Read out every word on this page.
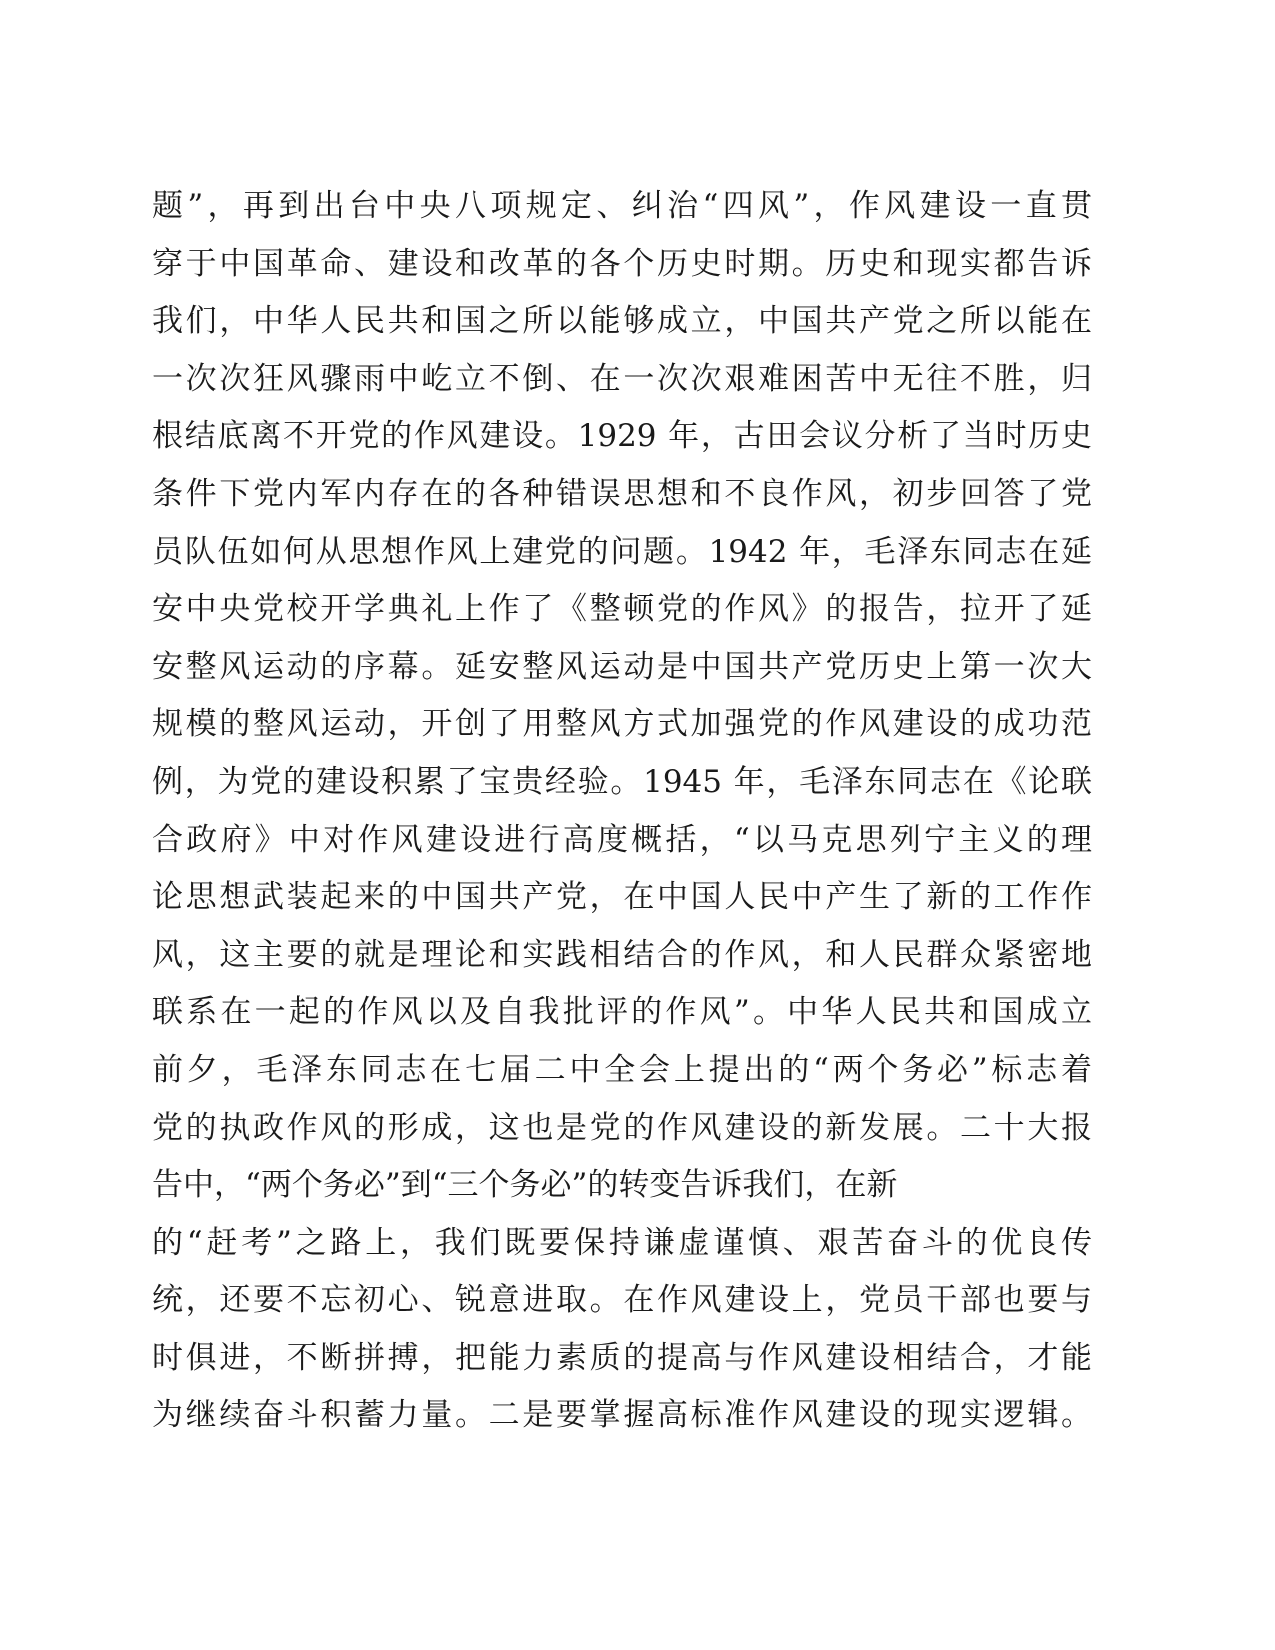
题”，再到出台中央八项规定、纠治“四风”，作风建设一直贯
穿于中国革命、建设和改革的各个历史时期。历史和现实都告诉
我们，中华人民共和国之所以能够成立，中国共产党之所以能在
一次次狂风骤雨中屹立不倒、在一次次艰难困苦中无往不胜，归
根结底离不开党的作风建设。1929 年，古田会议分析了当时历史
条件下党内军内存在的各种错误思想和不良作风，初步回答了党
员队伍如何从思想作风上建党的问题。1942 年，毛泽东同志在延
安中央党校开学典礼上作了《整顿党的作风》的报告，拉开了延
安整风运动的序幕。延安整风运动是中国共产党历史上第一次大
规模的整风运动，开创了用整风方式加强党的作风建设的成功范
例，为党的建设积累了宝贵经验。1945 年，毛泽东同志在《论联
合政府》中对作风建设进行高度概括，“以马克思列宁主义的理
论思想武装起来的中国共产党，在中国人民中产生了新的工作作
风，这主要的就是理论和实践相结合的作风，和人民群众紧密地
联系在一起的作风以及自我批评的作风”。中华人民共和国成立
前夕，毛泽东同志在七届二中全会上提出的“两个务必”标志着
党的执政作风的形成，这也是党的作风建设的新发展。二十大报
告中，“两个务必”到“三个务必”的转变告诉我们，在新
的“赶考”之路上，我们既要保持谦虚谨慎、艰苦奋斗的优良传
统，还要不忘初心、锐意进取。在作风建设上，党员干部也要与
时俱进，不断拼搏，把能力素质的提高与作风建设相结合，才能
为继续奋斗积蓄力量。二是要掌握高标准作风建设的现实逻辑。
